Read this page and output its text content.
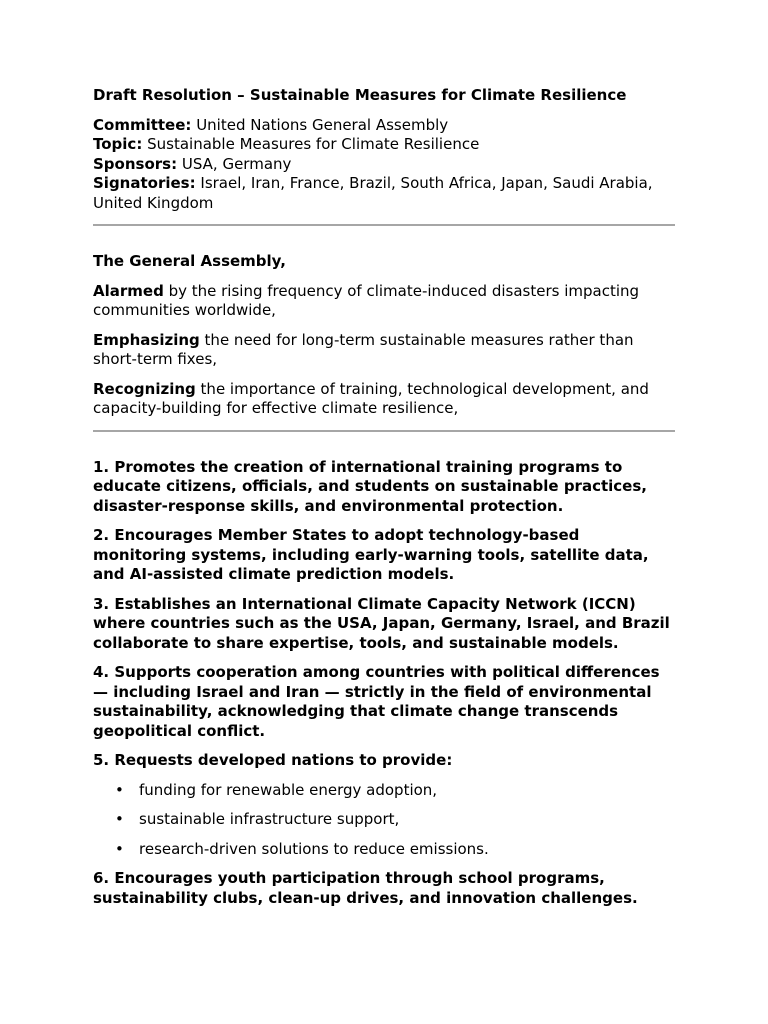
Draft Resolution – Sustainable Measures for Climate Resilience
Committee: United Nations General Assembly
Topic: Sustainable Measures for Climate Resilience
Sponsors: USA, Germany
Signatories: Israel, Iran, France, Brazil, South Africa, Japan, Saudi Arabia, United Kingdom
The General Assembly,
Alarmed by the rising frequency of climate-induced disasters impacting communities worldwide,
Emphasizing the need for long-term sustainable measures rather than short-term fixes,
Recognizing the importance of training, technological development, and capacity-building for effective climate resilience,
1. Promotes the creation of international training programs to educate citizens, officials, and students on sustainable practices, disaster-response skills, and environmental protection.
2. Encourages Member States to adopt technology-based monitoring systems, including early-warning tools, satellite data, and AI-assisted climate prediction models.
3. Establishes an International Climate Capacity Network (ICCN) where countries such as the USA, Japan, Germany, Israel, and Brazil collaborate to share expertise, tools, and sustainable models.
4. Supports cooperation among countries with political differences — including Israel and Iran — strictly in the field of environmental sustainability, acknowledging that climate change transcends geopolitical conflict.
5. Requests developed nations to provide:
• funding for renewable energy adoption,
• sustainable infrastructure support,
• research-driven solutions to reduce emissions.
6. Encourages youth participation through school programs, sustainability clubs, clean-up drives, and innovation challenges.
